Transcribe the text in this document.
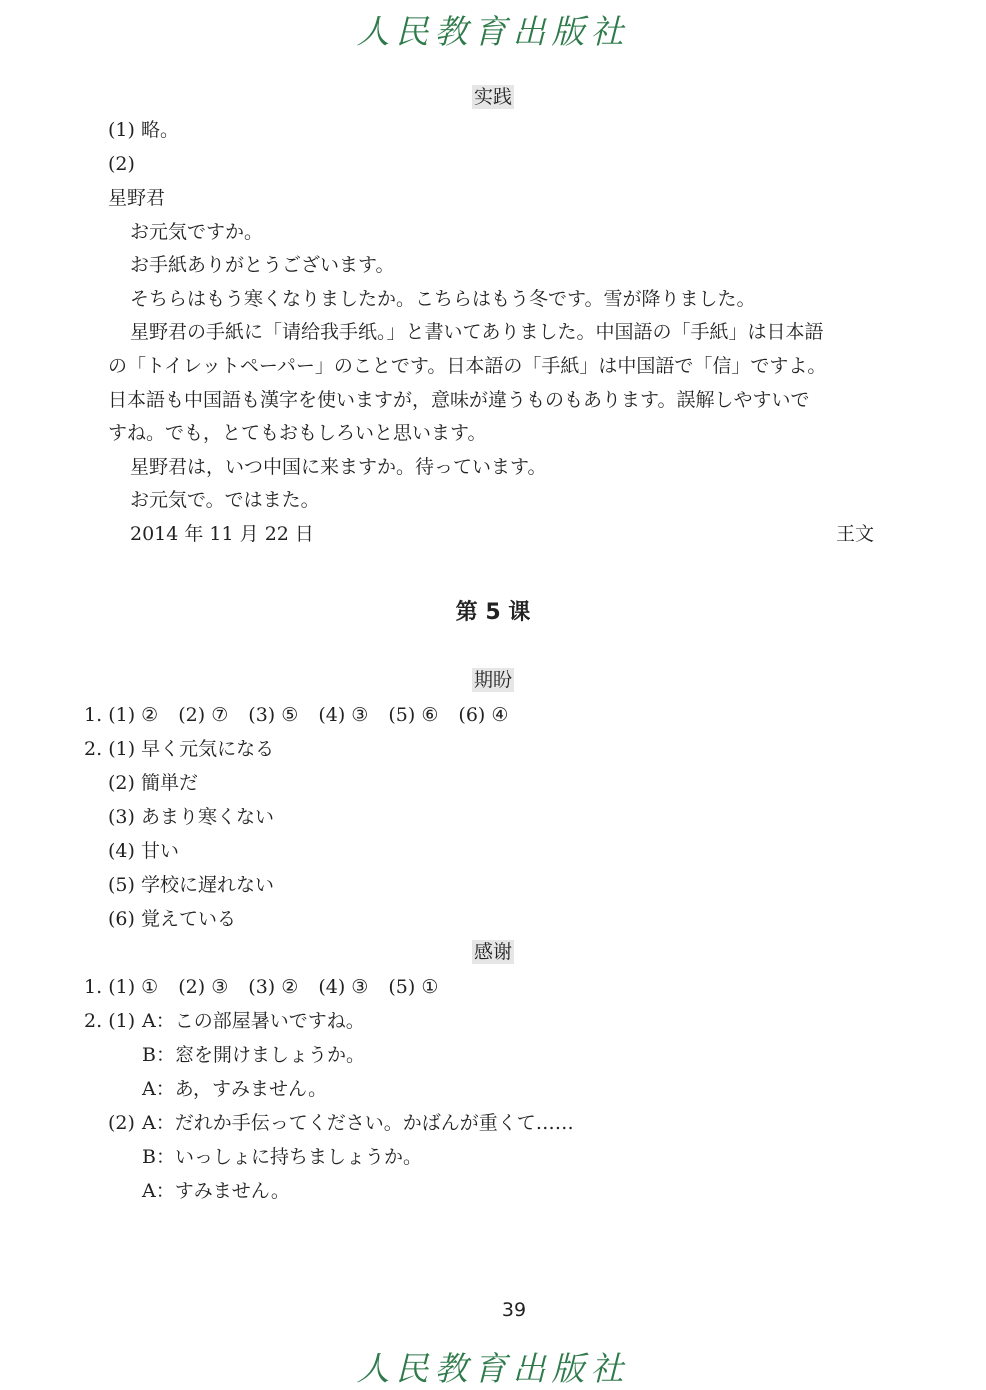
人民教育出版社
实践
(1) 略。
(2)
星野君
お元気ですか。
お手紙ありがとうございます。
そちらはもう寒くなりましたか。こちらはもう冬です。雪が降りました。
星野君の手紙に「请给我手纸。」と書いてありました。中国語の「手紙」は日本語
の「トイレットペーパー」のことです。日本語の「手紙」は中国語で「信」ですよ。
日本語も中国語も漢字を使いますが，意味が違うものもあります。誤解しやすいで
すね。でも，とてもおもしろいと思います。
星野君は，いつ中国に来ますか。待っています。
お元気で。ではまた。
2014 年 11 月 22 日	王文
第 5 课
期盼
1. (1) ② (2) ⑦ (3) ⑤ (4) ③ (5) ⑥ (6) ④
2. (1) 早く元気になる
(2) 簡単だ
(3) あまり寒くない
(4) 甘い
(5) 学校に遅れない
(6) 覚えている
感谢
1. (1) ① (2) ③ (3) ② (4) ③ (5) ①
2. (1) A：この部屋暑いですね。
B：窓を開けましょうか。
A：あ，すみません。
(2) A：だれか手伝ってください。かばんが重くて……
B：いっしょに持ちましょうか。
A：すみません。
39
人民教育出版社
